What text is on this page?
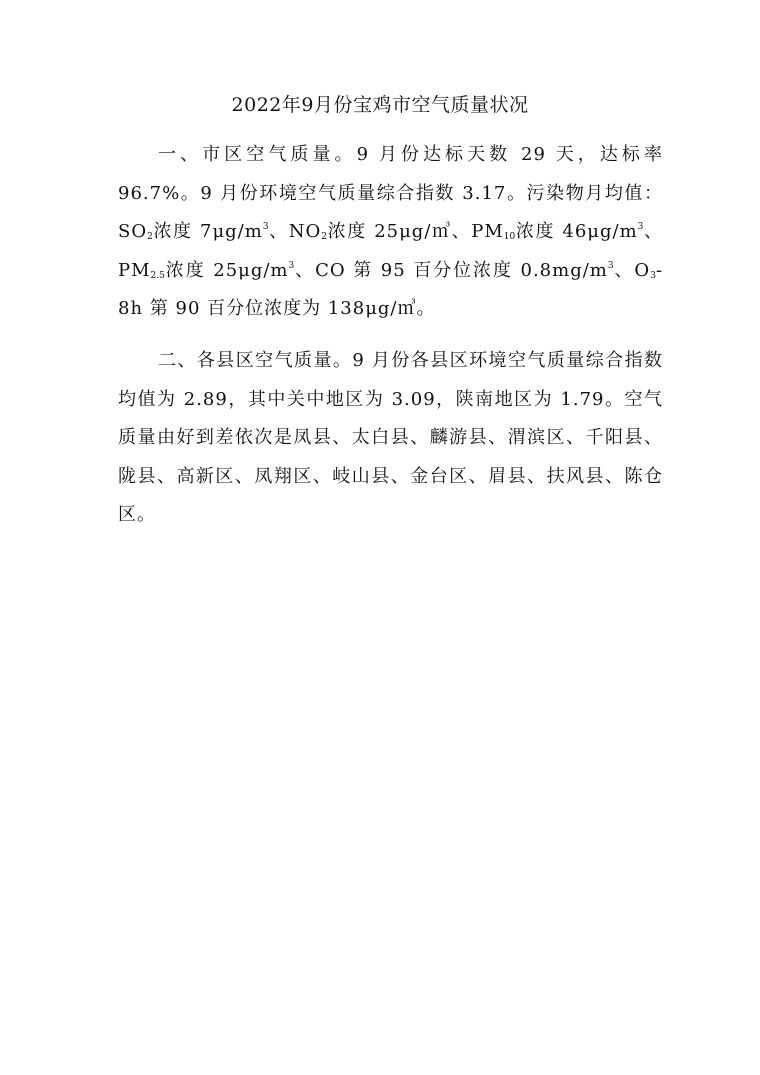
2022年9月份宝鸡市空气质量状况

一、市区空气质量。9 月份达标天数 29 天，达标率96.7%。9 月份环境空气质量综合指数 3.17。污染物月均值：$SO_2$浓度 $7\mu g/m^3$、$NO_2$浓度 25μg/㎥、$PM_{10}$浓度 $46\mu g/m^3$、$PM_{2.5}$浓度 $25\mu g/m^3$、CO 第 95 百分位浓度 $0.8mg/m^3$、$O_3-8h$ 第 90 百分位浓度为 138μg/㎥。

二、各县区空气质量。9 月份各县区环境空气质量综合指数均值为 2.89，其中关中地区为 3.09，陕南地区为 1.79。空气质量由好到差依次是凤县、太白县、麟游县、渭滨区、千阳县、陇县、高新区、凤翔区、岐山县、金台区、眉县、扶风县、陈仓区。
